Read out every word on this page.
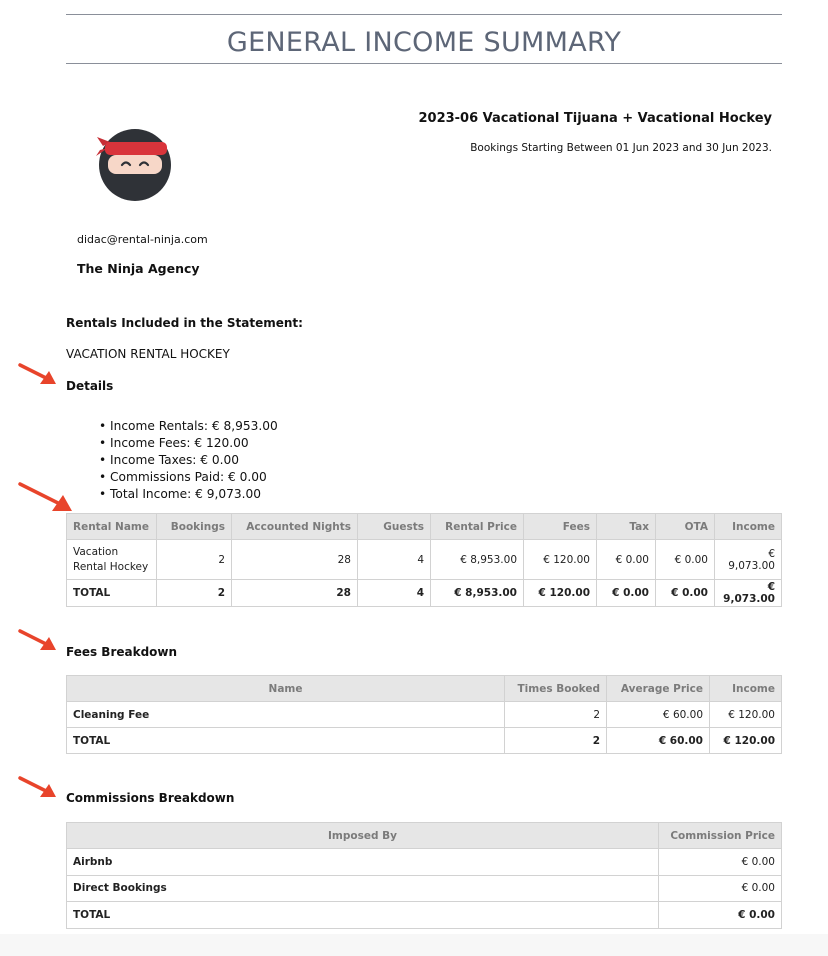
GENERAL INCOME SUMMARY
2023-06 Vacational Tijuana + Vacational Hockey
Bookings Starting Between 01 Jun 2023 and 30 Jun 2023.
didac@rental-ninja.com
The Ninja Agency
Rentals Included in the Statement:
VACATION RENTAL HOCKEY
Details
• Income Rentals: € 8,953.00
• Income Fees: € 120.00
• Income Taxes: € 0.00
• Commissions Paid: € 0.00
• Total Income: € 9,073.00
Rental Name	Bookings	Accounted Nights	Guests	Rental Price	Fees	Tax	OTA	Income
Vacation
Rental Hockey	2	28	4	€ 8,953.00	€ 120.00	€ 0.00	€ 0.00	€ 9,073.00
TOTAL	2	28	4	€ 8,953.00	€ 120.00	€ 0.00	€ 0.00	€ 9,073.00
Fees Breakdown
Name	Times Booked	Average Price	Income
Cleaning Fee	2	€ 60.00	€ 120.00
TOTAL	2	€ 60.00	€ 120.00
Commissions Breakdown
Imposed By	Commission Price
Airbnb	€ 0.00
Direct Bookings	€ 0.00
TOTAL	€ 0.00
